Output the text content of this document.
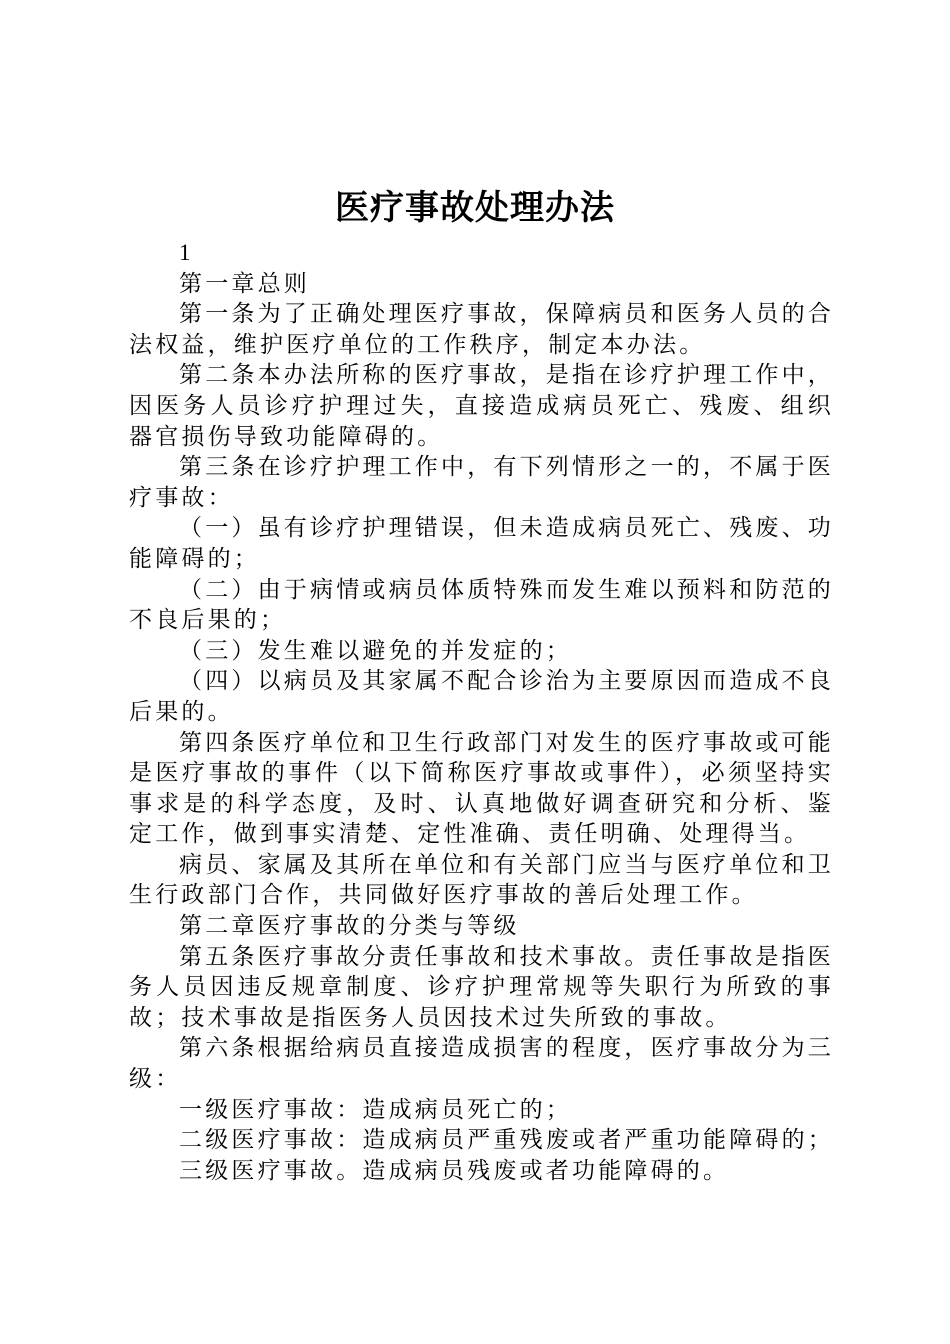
医疗事故处理办法

1

第一章总则

第一条为了正确处理医疗事故，保障病员和医务人员的合法权益，维护医疗单位的工作秩序，制定本办法。

第二条本办法所称的医疗事故，是指在诊疗护理工作中，因医务人员诊疗护理过失，直接造成病员死亡、残废、组织器官损伤导致功能障碍的。

第三条在诊疗护理工作中，有下列情形之一的，不属于医疗事故：

（一）虽有诊疗护理错误，但未造成病员死亡、残废、功能障碍的；

（二）由于病情或病员体质特殊而发生难以预料和防范的不良后果的；

（三）发生难以避免的并发症的；

（四）以病员及其家属不配合诊治为主要原因而造成不良后果的。

第四条医疗单位和卫生行政部门对发生的医疗事故或可能是医疗事故的事件（以下简称医疗事故或事件），必须坚持实事求是的科学态度，及时、认真地做好调查研究和分析、鉴定工作，做到事实清楚、定性准确、责任明确、处理得当。

病员、家属及其所在单位和有关部门应当与医疗单位和卫生行政部门合作，共同做好医疗事故的善后处理工作。

第二章医疗事故的分类与等级

第五条医疗事故分责任事故和技术事故。责任事故是指医务人员因违反规章制度、诊疗护理常规等失职行为所致的事故；技术事故是指医务人员因技术过失所致的事故。

第六条根据给病员直接造成损害的程度，医疗事故分为三级：

一级医疗事故：造成病员死亡的；

二级医疗事故：造成病员严重残废或者严重功能障碍的；

三级医疗事故。造成病员残废或者功能障碍的。
